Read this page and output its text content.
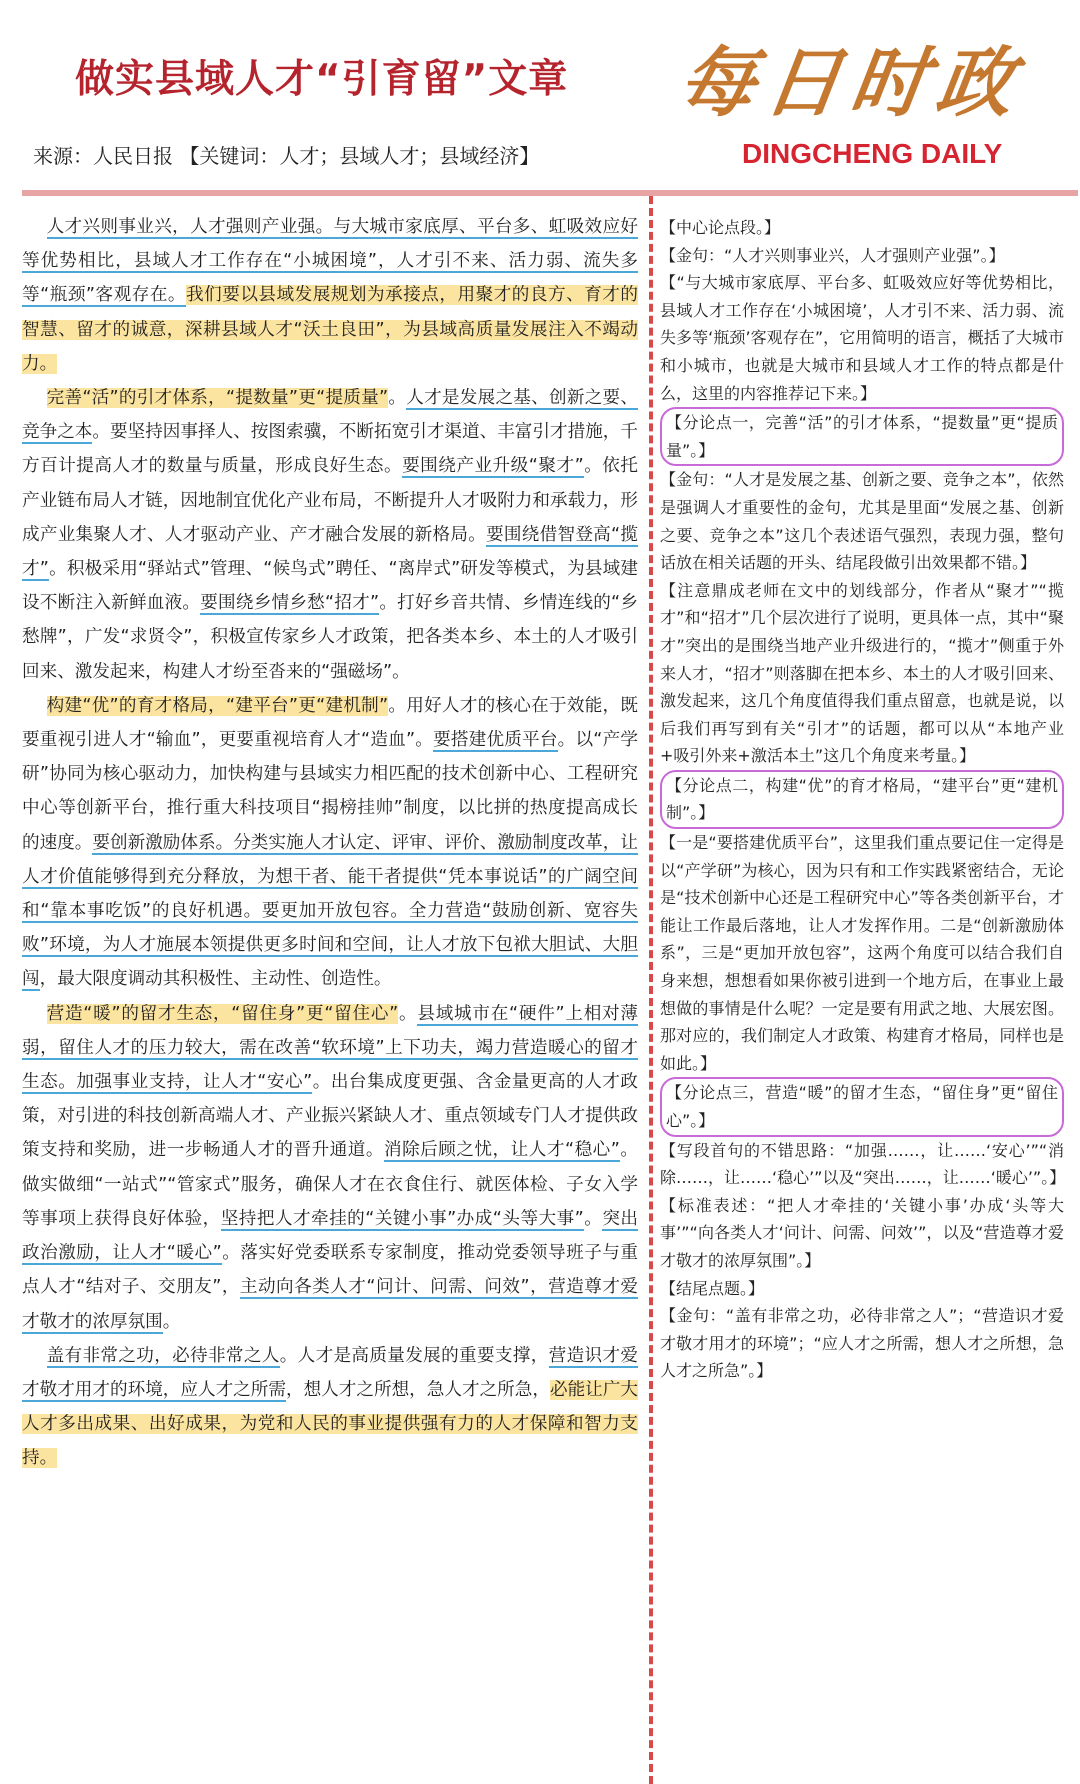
做实县域人才“引育留”文章 每日时政
来源：人民日报 【关键词：人才；县域人才；县域经济】	DINGCHENG DAILY

人才兴则事业兴，人才强则产业强。与大城市家底厚、平台多、虹吸效应好等优势相比，县域人才工作存在“小城困境”，人才引不来、活力弱、流失多等“瓶颈”客观存在。我们要以县域发展规划为承接点，用聚才的良方、育才的智慧、留才的诚意，深耕县域人才“沃土良田”，为县域高质量发展注入不竭动力。

完善“活”的引才体系，“提数量”更“提质量”。人才是发展之基、创新之要、竞争之本。要坚持因事择人、按图索骥，不断拓宽引才渠道、丰富引才措施，千方百计提高人才的数量与质量，形成良好生态。要围绕产业升级“聚才”。依托产业链布局人才链，因地制宜优化产业布局，不断提升人才吸附力和承载力，形成产业集聚人才、人才驱动产业、产才融合发展的新格局。要围绕借智登高“揽才”。积极采用“驿站式”管理、“候鸟式”聘任、“离岸式”研发等模式，为县域建设不断注入新鲜血液。要围绕乡情乡愁“招才”。打好乡音共情、乡情连线的“乡愁牌”，广发“求贤令”，积极宣传家乡人才政策，把各类本乡、本土的人才吸引回来、激发起来，构建人才纷至沓来的“强磁场”。

构建“优”的育才格局，“建平台”更“建机制”。用好人才的核心在于效能，既要重视引进人才“输血”，更要重视培育人才“造血”。要搭建优质平台。以“产学研”协同为核心驱动力，加快构建与县域实力相匹配的技术创新中心、工程研究中心等创新平台，推行重大科技项目“揭榜挂帅”制度，以比拼的热度提高成长的速度。要创新激励体系。分类实施人才认定、评审、评价、激励制度改革，让人才价值能够得到充分释放，为想干者、能干者提供“凭本事说话”的广阔空间和“靠本事吃饭”的良好机遇。要更加开放包容。全力营造“鼓励创新、宽容失败”环境，为人才施展本领提供更多时间和空间，让人才放下包袱大胆试、大胆闯，最大限度调动其积极性、主动性、创造性。

营造“暖”的留才生态，“留住身”更“留住心”。县域城市在“硬件”上相对薄弱，留住人才的压力较大，需在改善“软环境”上下功夫，竭力营造暖心的留才生态。加强事业支持，让人才“安心”。出台集成度更强、含金量更高的人才政策，对引进的科技创新高端人才、产业振兴紧缺人才、重点领域专门人才提供政策支持和奖励，进一步畅通人才的晋升通道。消除后顾之忧，让人才“稳心”。做实做细“一站式”“管家式”服务，确保人才在衣食住行、就医体检、子女入学等事项上获得良好体验，坚持把人才牵挂的“关键小事”办成“头等大事”。突出政治激励，让人才“暖心”。落实好党委联系专家制度，推动党委领导班子与重点人才“结对子、交朋友”，主动向各类人才“问计、问需、问效”，营造尊才爱才敬才的浓厚氛围。

盖有非常之功，必待非常之人。人才是高质量发展的重要支撑，营造识才爱才敬才用才的环境，应人才之所需，想人才之所想，急人才之所急，必能让广大人才多出成果、出好成果，为党和人民的事业提供强有力的人才保障和智力支持。

【中心论点段。】

【金句：“人才兴则事业兴，人才强则产业强”。】

【“与大城市家底厚、平台多、虹吸效应好等优势相比，县域人才工作存在‘小城困境’，人才引不来、活力弱、流失多等‘瓶颈’客观存在”，它用简明的语言，概括了大城市和小城市，也就是大城市和县域人才工作的特点都是什么，这里的内容推荐记下来。】

【分论点一，完善“活”的引才体系，“提数量”更“提质量”。】

【金句：“人才是发展之基、创新之要、竞争之本”，依然是强调人才重要性的金句，尤其是里面“发展之基、创新之要、竞争之本”这几个表述语气强烈，表现力强，整句话放在相关话题的开头、结尾段做引出效果都不错。】

【注意鼎成老师在文中的划线部分，作者从“聚才”“揽才”和“招才”几个层次进行了说明，更具体一点，其中“聚才”突出的是围绕当地产业升级进行的，“揽才”侧重于外来人才，“招才”则落脚在把本乡、本土的人才吸引回来、激发起来，这几个角度值得我们重点留意，也就是说，以后我们再写到有关“引才”的话题，都可以从“本地产业+吸引外来+激活本土”这几个角度来考量。】

【分论点二，构建“优”的育才格局，“建平台”更“建机制”。】

【一是“要搭建优质平台”，这里我们重点要记住一定得是以“产学研”为核心，因为只有和工作实践紧密结合，无论是“技术创新中心还是工程研究中心”等各类创新平台，才能让工作最后落地，让人才发挥作用。二是“创新激励体系”，三是“更加开放包容”，这两个角度可以结合我们自身来想，想想看如果你被引进到一个地方后，在事业上最想做的事情是什么呢？一定是要有用武之地、大展宏图。那对应的，我们制定人才政策、构建育才格局，同样也是如此。】

【分论点三，营造“暖”的留才生态，“留住身”更“留住心”。】

【写段首句的不错思路：“加强……，让……‘安心’”“消除……，让……‘稳心’”以及“突出……，让……‘暖心’”。】

【标准表述：“把人才牵挂的‘关键小事’办成‘头等大事’”“向各类人才‘问计、问需、问效’”，以及“营造尊才爱才敬才的浓厚氛围”。】

【结尾点题。】

【金句：“盖有非常之功，必待非常之人”；“营造识才爱才敬才用才的环境”；“应人才之所需，想人才之所想，急人才之所急”。】
